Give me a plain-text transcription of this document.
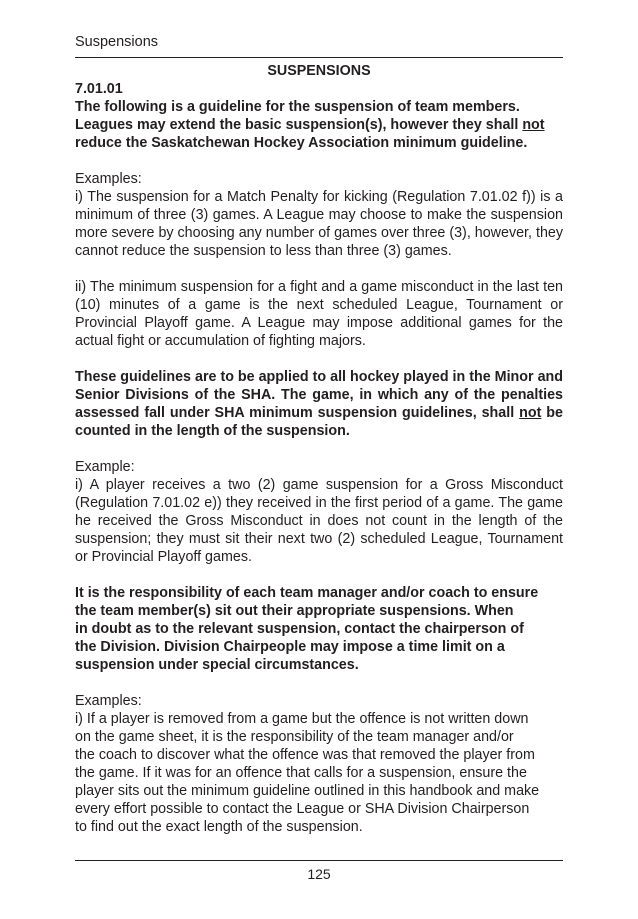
Suspensions

SUSPENSIONS

7.01.01

The following is a guideline for the suspension of team members. Leagues may extend the basic suspension(s), however they shall not reduce the Saskatchewan Hockey Association minimum guideline.

Examples:

i) The suspension for a Match Penalty for kicking (Regulation 7.01.02 f)) is a minimum of three (3) games. A League may choose to make the suspension more severe by choosing any number of games over three (3), however, they cannot reduce the suspension to less than three (3) games.

ii) The minimum suspension for a fight and a game misconduct in the last ten (10) minutes of a game is the next scheduled League, Tournament or Provincial Playoff game. A League may impose additional games for the actual fight or accumulation of fighting majors.

These guidelines are to be applied to all hockey played in the Minor and Senior Divisions of the SHA. The game, in which any of the penalties assessed fall under SHA minimum suspension guidelines, shall not be counted in the length of the suspension.

Example:

i) A player receives a two (2) game suspension for a Gross Misconduct (Regulation 7.01.02 e)) they received in the first period of a game. The game he received the Gross Misconduct in does not count in the length of the suspension; they must sit their next two (2) scheduled League, Tournament or Provincial Playoff games.

It is the responsibility of each team manager and/or coach to ensure

the team member(s) sit out their appropriate suspensions. When

in doubt as to the relevant suspension, contact the chairperson of

the Division. Division Chairpeople may impose a time limit on a

suspension under special circumstances.

Examples:

i) If a player is removed from a game but the offence is not written down

on the game sheet, it is the responsibility of the team manager and/or

the coach to discover what the offence was that removed the player from

the game. If it was for an offence that calls for a suspension, ensure the

player sits out the minimum guideline outlined in this handbook and make

every effort possible to contact the League or SHA Division Chairperson

to find out the exact length of the suspension.

125
